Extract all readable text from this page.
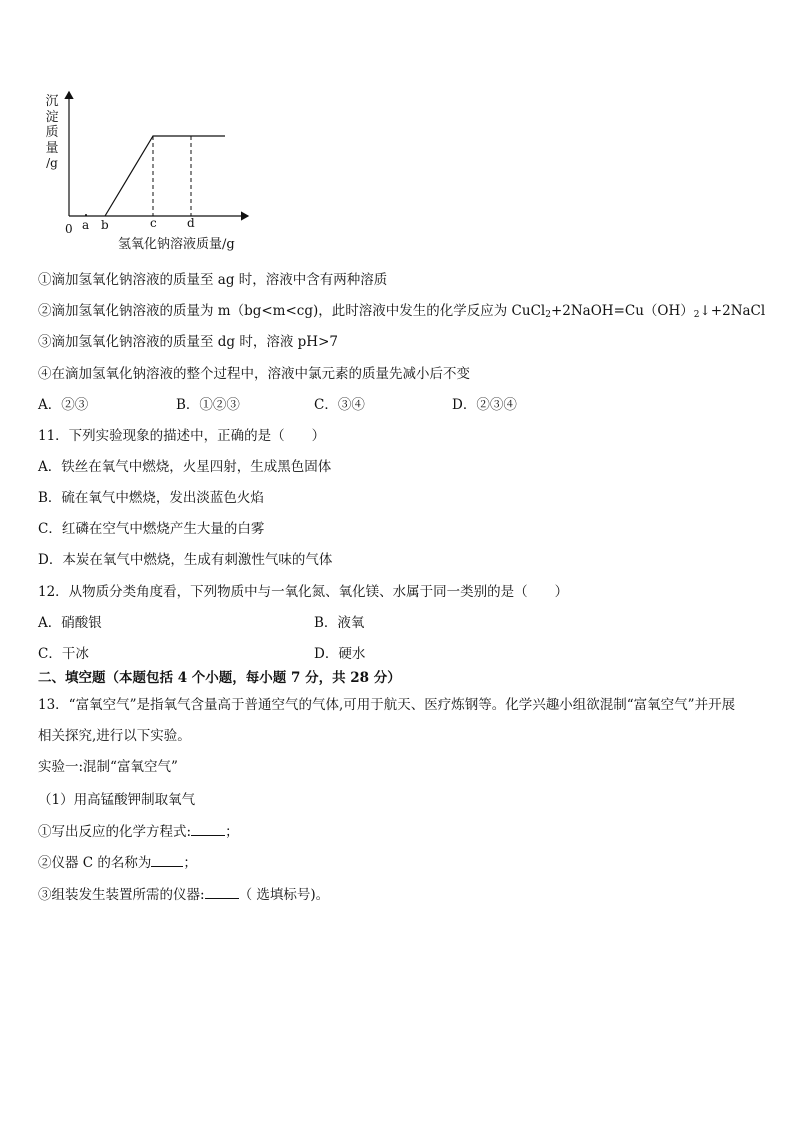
沉
淀
质
量
/g
0 a b	c	d
氢氧化钠溶液质量/g
①滴加氢氧化钠溶液的质量至 ag 时，溶液中含有两种溶质
②滴加氢氧化钠溶液的质量为 m（bg<m<cg)，此时溶液中发生的化学反应为 $CuCl_2+2NaOH=Cu(OH)_2↓+2NaCl$
③滴加氢氧化钠溶液的质量至 dg 时，溶液 pH>7
④在滴加氢氧化钠溶液的整个过程中，溶液中氯元素的质量先减小后不变
A．②③	B．①②③	C．③④	D．②③④
11．下列实验现象的描述中，正确的是（　　）
A．铁丝在氧气中燃烧，火星四射，生成黑色固体
B．硫在氧气中燃烧，发出淡蓝色火焰
C．红磷在空气中燃烧产生大量的白雾
D．本炭在氧气中燃烧，生成有刺激性气味的气体
12．从物质分类角度看，下列物质中与一氧化氮、氧化镁、水属于同一类别的是（　　）
A．硝酸银	B．液氧
C．干冰	D．硬水
二、填空题（本题包括 4 个小题，每小题 7 分，共 28 分）
13．“富氧空气”是指氧气含量高于普通空气的气体,可用于航天、医疗炼钢等。化学兴趣小组欲混制“富氧空气”并开展
相关探究,进行以下实验。
实验一:混制“富氧空气”
（1）用高锰酸钾制取氧气
①写出反应的化学方程式:	；
②仪器 C 的名称为 ；
③组装发生装置所需的仪器:	（ 选填标号)。
